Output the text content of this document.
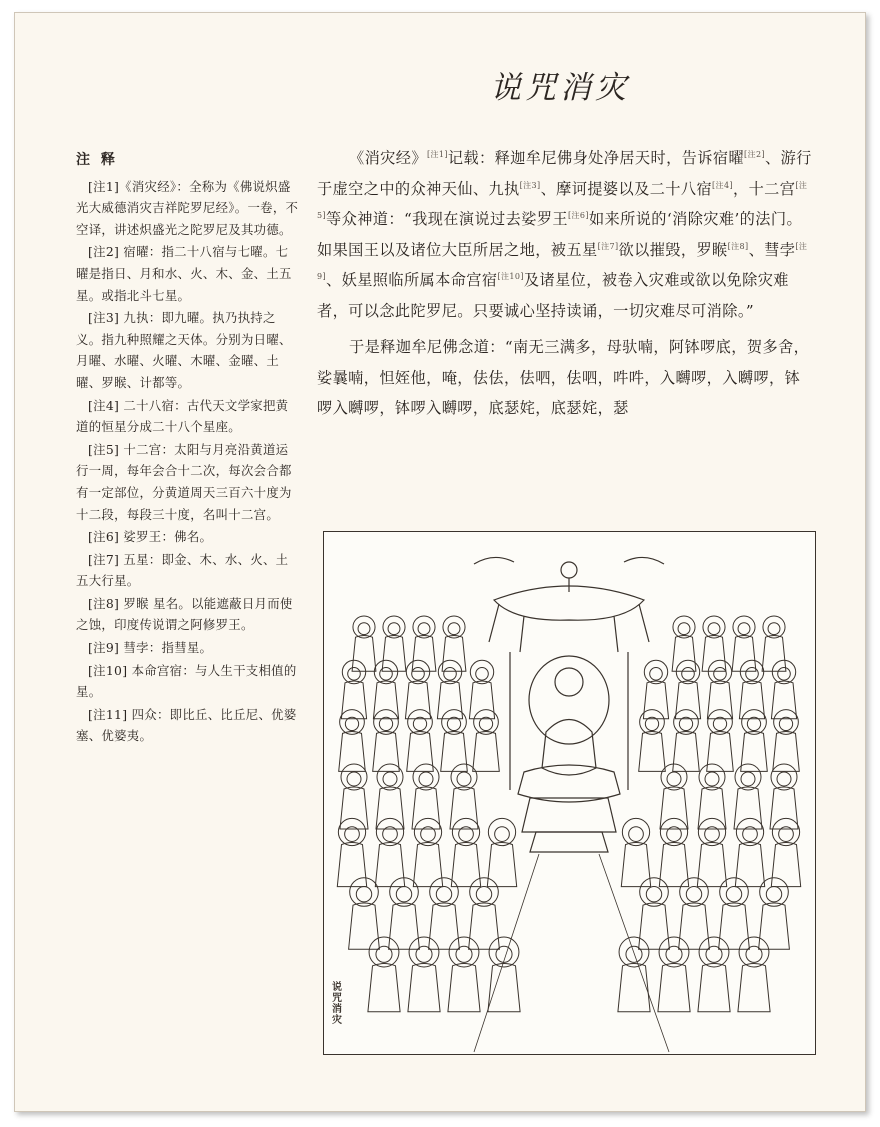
说咒消灾
注 释

[注1]《消灾经》：全称为《佛说炽盛光大威德消灾吉祥陀罗尼经》。一卷，不空译，讲述炽盛光之陀罗尼及其功德。

[注2] 宿曜：指二十八宿与七曜。七曜是指日、月和水、火、木、金、土五星。或指北斗七星。

[注3] 九执：即九曜。执乃执持之义。指九种照耀之天体。分别为日曜、月曜、水曜、火曜、木曜、金曜、土曜、罗睺、计都等。

[注4] 二十八宿：古代天文学家把黄道的恒星分成二十八个星座。

[注5] 十二宫：太阳与月亮沿黄道运行一周，每年会合十二次，每次会合都有一定部位，分黄道周天三百六十度为十二段，每段三十度，名叫十二宫。

[注6] 娑罗王：佛名。

[注7] 五星：即金、木、水、火、土五大行星。

[注8] 罗睺 星名。以能遮蔽日月而使之蚀，印度传说谓之阿修罗王。

[注9] 彗孛：指彗星。

[注10] 本命宫宿：与人生干支相值的星。

[注11] 四众：即比丘、比丘尼、优婆塞、优婆夷。

《消灾经》[注1]记载：释迦牟尼佛身处净居天时，告诉宿曜[注2]、游行于虚空之中的众神天仙、九执[注3]、摩诃提婆以及二十八宿[注4]，十二宫[注5]等众神道：“我现在演说过去娑罗王[注6]如来所说的‘消除灾难’的法门。如果国王以及诸位大臣所居之地，被五星[注7]欲以摧毁，罗睺[注8]、彗孛[注9]、妖星照临所属本命宫宿[注10]及诸星位，被卷入灾难或欲以免除灾难者，可以念此陀罗尼。只要诚心坚持读诵，一切灾难尽可消除。”

于是释迦牟尼佛念道：“南无三满多，母驮喃，阿钵啰底，贺多舍，娑曩喃，怛姪他，唵，佉佉，佉呬，佉呬，吽吽，入嚩啰，入嚩啰，钵啰入嚩啰，钵啰入嚩啰，底瑟姹，底瑟姹，瑟

说咒消灾
